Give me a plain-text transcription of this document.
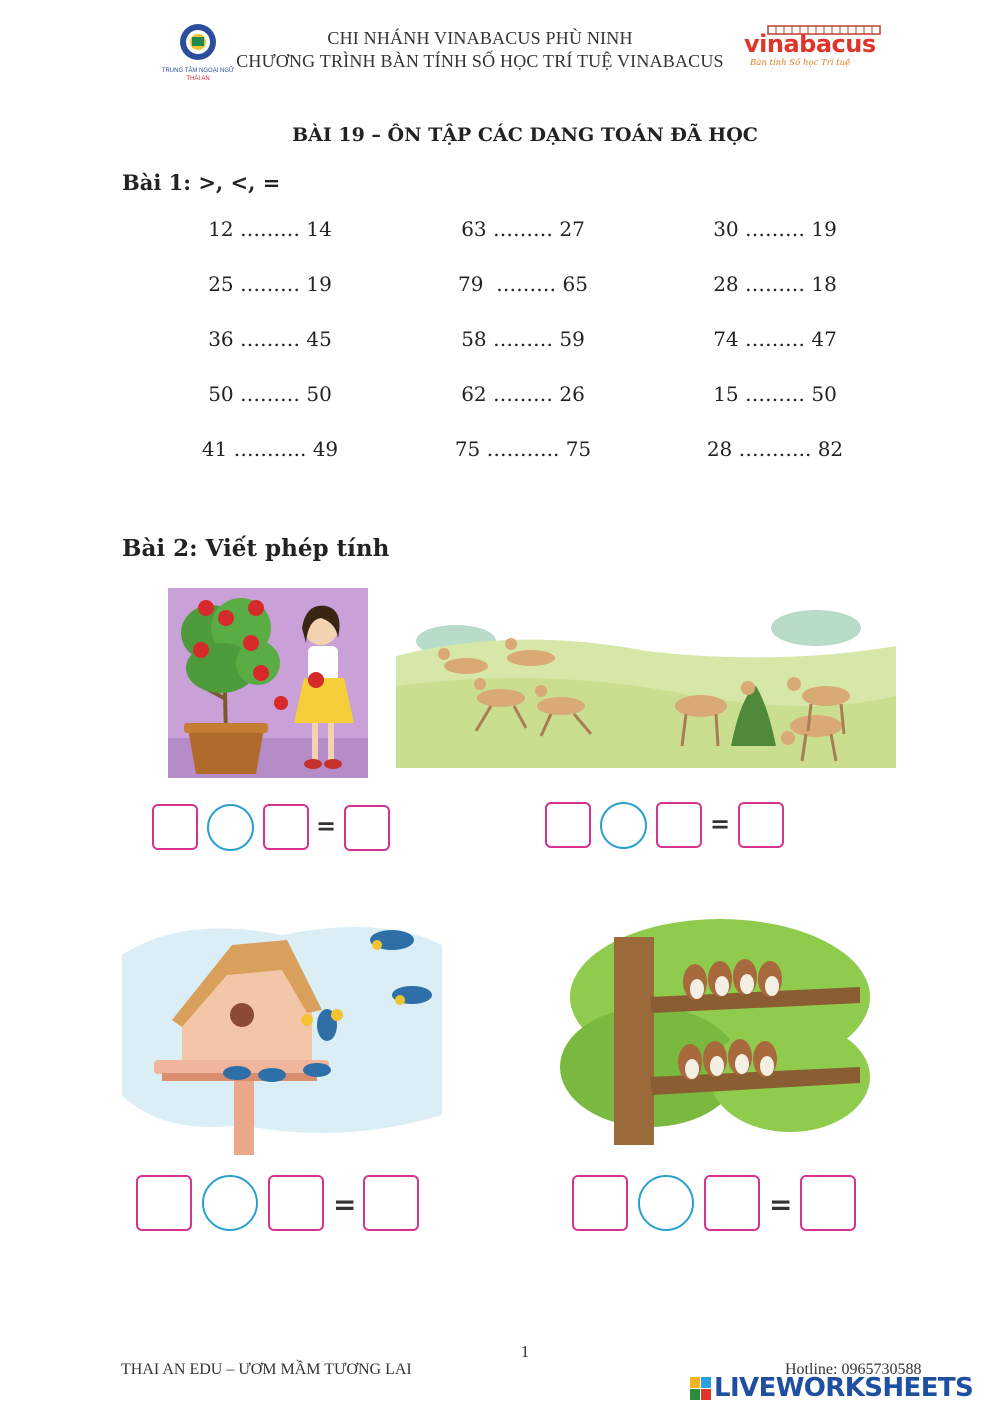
TRUNG TÂM NGOẠI NGỮ
THÁI AN
CHI NHÁNH VINABACUS PHÙ NINH
CHƯƠNG TRÌNH BÀN TÍNH SỐ HỌC TRÍ TUỆ VINABACUS
vinabacus
Bàn tính Số học Trí tuệ
BÀI 19 – ÔN TẬP CÁC DẠNG TOÁN ĐÃ HỌC
Bài 1: >, <, =
12 ……… 14	63 ……… 27	30 ……… 19
25 ……… 19	79  ……… 65	28 ……… 18
36 ……… 45	58 ……… 59	74 ……… 47
50 ……… 50	62 ……… 26	15 ……… 50
41 ……….. 49	75 ……….. 75	28 ……….. 82
Bài 2: Viết phép tính
=	=
=	=
1
THAI AN EDU – ƯƠM MẦM TƯƠNG LAI	Hotline: 0965730588
LIVEWORKSHEETS
